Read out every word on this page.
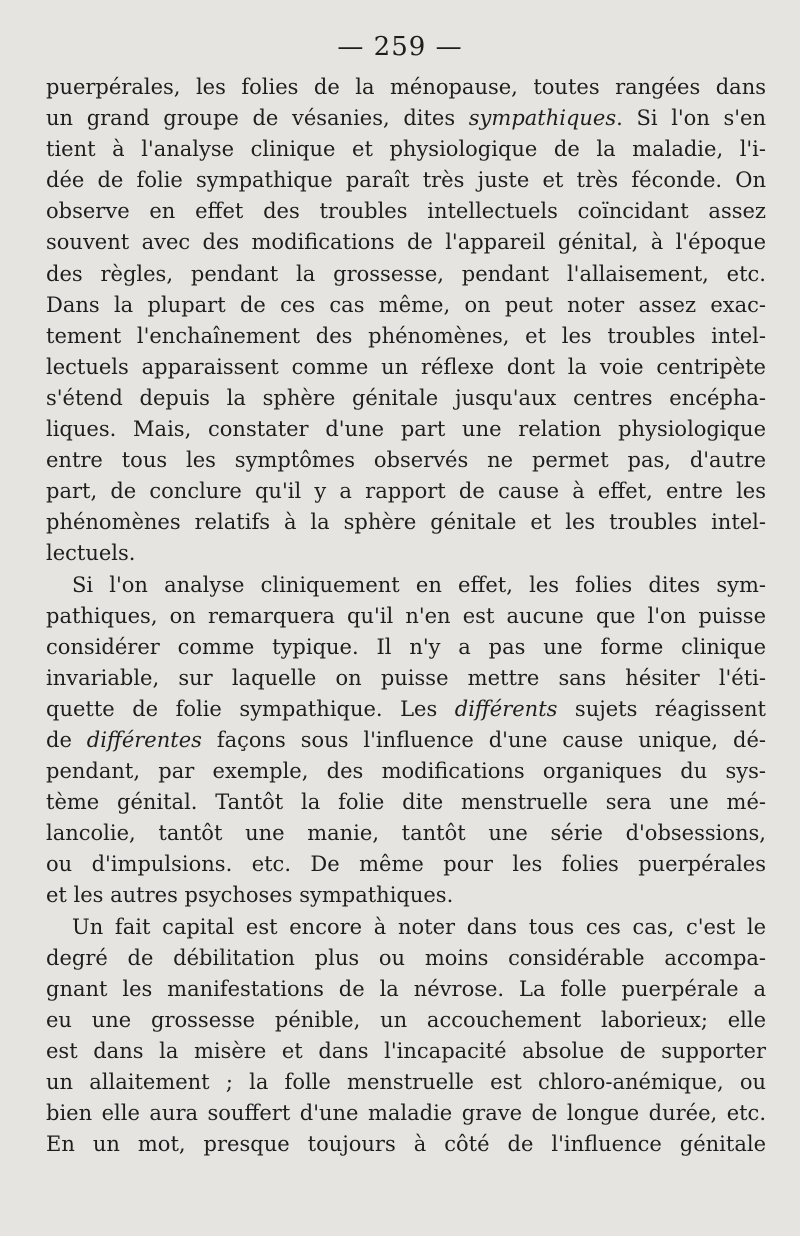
— 259 —
puerpérales, les folies de la ménopause, toutes rangées dans
un grand groupe de vésanies, dites sympathiques. Si l'on s'en
tient à l'analyse clinique et physiologique de la maladie, l'i-
dée de folie sympathique paraît très juste et très féconde. On
observe en effet des troubles intellectuels coïncidant assez
souvent avec des modifications de l'appareil génital, à l'époque
des règles, pendant la grossesse, pendant l'allaisement, etc.
Dans la plupart de ces cas même, on peut noter assez exac-
tement l'enchaînement des phénomènes, et les troubles intel-
lectuels apparaissent comme un réflexe dont la voie centripète
s'étend depuis la sphère génitale jusqu'aux centres encépha-
liques. Mais, constater d'une part une relation physiologique
entre tous les symptômes observés ne permet pas, d'autre
part, de conclure qu'il y a rapport de cause à effet, entre les
phénomènes relatifs à la sphère génitale et les troubles intel-
lectuels.
Si l'on analyse cliniquement en effet, les folies dites sym-
pathiques, on remarquera qu'il n'en est aucune que l'on puisse
considérer comme typique. Il n'y a pas une forme clinique
invariable, sur laquelle on puisse mettre sans hésiter l'éti-
quette de folie sympathique. Les différents sujets réagissent
de différentes façons sous l'influence d'une cause unique, dé-
pendant, par exemple, des modifications organiques du sys-
tème génital. Tantôt la folie dite menstruelle sera une mé-
lancolie, tantôt une manie, tantôt une série d'obsessions,
ou d'impulsions. etc. De même pour les folies puerpérales
et les autres psychoses sympathiques.
Un fait capital est encore à noter dans tous ces cas, c'est le
degré de débilitation plus ou moins considérable accompa-
gnant les manifestations de la névrose. La folle puerpérale a
eu une grossesse pénible, un accouchement laborieux; elle
est dans la misère et dans l'incapacité absolue de supporter
un allaitement ; la folle menstruelle est chloro-anémique, ou
bien elle aura souffert d'une maladie grave de longue durée, etc.
En un mot, presque toujours à côté de l'influence génitale
